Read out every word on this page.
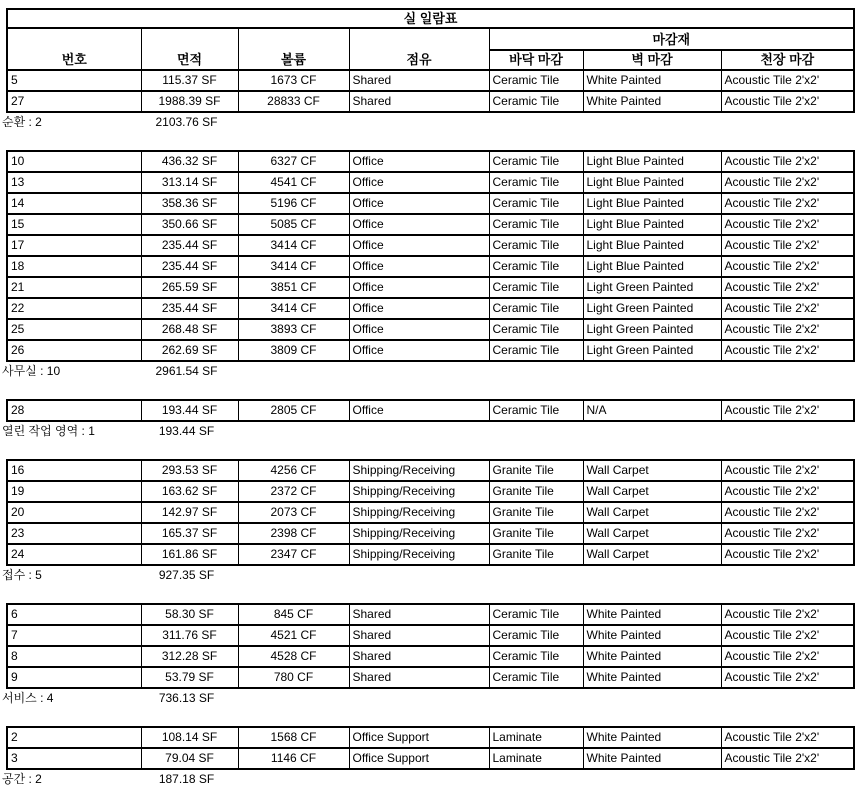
실 일람표						
번호	면적	볼륨	점유	마감재		
				바닥 마감	벽 마감	천장 마감
5	115.37 SF	1673 CF	Shared	Ceramic Tile	White Painted	Acoustic Tile 2'x2'
27	1988.39 SF	28833 CF	Shared	Ceramic Tile	White Painted	Acoustic Tile 2'x2'
순환 : 2	2103.76 SF
10	436.32 SF	6327 CF	Office	Ceramic Tile	Light Blue Painted	Acoustic Tile 2'x2'
13	313.14 SF	4541 CF	Office	Ceramic Tile	Light Blue Painted	Acoustic Tile 2'x2'
14	358.36 SF	5196 CF	Office	Ceramic Tile	Light Blue Painted	Acoustic Tile 2'x2'
15	350.66 SF	5085 CF	Office	Ceramic Tile	Light Blue Painted	Acoustic Tile 2'x2'
17	235.44 SF	3414 CF	Office	Ceramic Tile	Light Blue Painted	Acoustic Tile 2'x2'
18	235.44 SF	3414 CF	Office	Ceramic Tile	Light Blue Painted	Acoustic Tile 2'x2'
21	265.59 SF	3851 CF	Office	Ceramic Tile	Light Green Painted	Acoustic Tile 2'x2'
22	235.44 SF	3414 CF	Office	Ceramic Tile	Light Green Painted	Acoustic Tile 2'x2'
25	268.48 SF	3893 CF	Office	Ceramic Tile	Light Green Painted	Acoustic Tile 2'x2'
26	262.69 SF	3809 CF	Office	Ceramic Tile	Light Green Painted	Acoustic Tile 2'x2'
사무실 : 10	2961.54 SF
28	193.44 SF	2805 CF	Office	Ceramic Tile	N/A	Acoustic Tile 2'x2'
열린 작업 영역 : 1	193.44 SF
16	293.53 SF	4256 CF	Shipping/Receiving	Granite Tile	Wall Carpet	Acoustic Tile 2'x2'
19	163.62 SF	2372 CF	Shipping/Receiving	Granite Tile	Wall Carpet	Acoustic Tile 2'x2'
20	142.97 SF	2073 CF	Shipping/Receiving	Granite Tile	Wall Carpet	Acoustic Tile 2'x2'
23	165.37 SF	2398 CF	Shipping/Receiving	Granite Tile	Wall Carpet	Acoustic Tile 2'x2'
24	161.86 SF	2347 CF	Shipping/Receiving	Granite Tile	Wall Carpet	Acoustic Tile 2'x2'
접수 : 5	927.35 SF
6	58.30 SF	845 CF	Shared	Ceramic Tile	White Painted	Acoustic Tile 2'x2'
7	311.76 SF	4521 CF	Shared	Ceramic Tile	White Painted	Acoustic Tile 2'x2'
8	312.28 SF	4528 CF	Shared	Ceramic Tile	White Painted	Acoustic Tile 2'x2'
9	53.79 SF	780 CF	Shared	Ceramic Tile	White Painted	Acoustic Tile 2'x2'
서비스 : 4	736.13 SF
2	108.14 SF	1568 CF	Office Support	Laminate	White Painted	Acoustic Tile 2'x2'
3	79.04 SF	1146 CF	Office Support	Laminate	White Painted	Acoustic Tile 2'x2'
공간 : 2	187.18 SF
